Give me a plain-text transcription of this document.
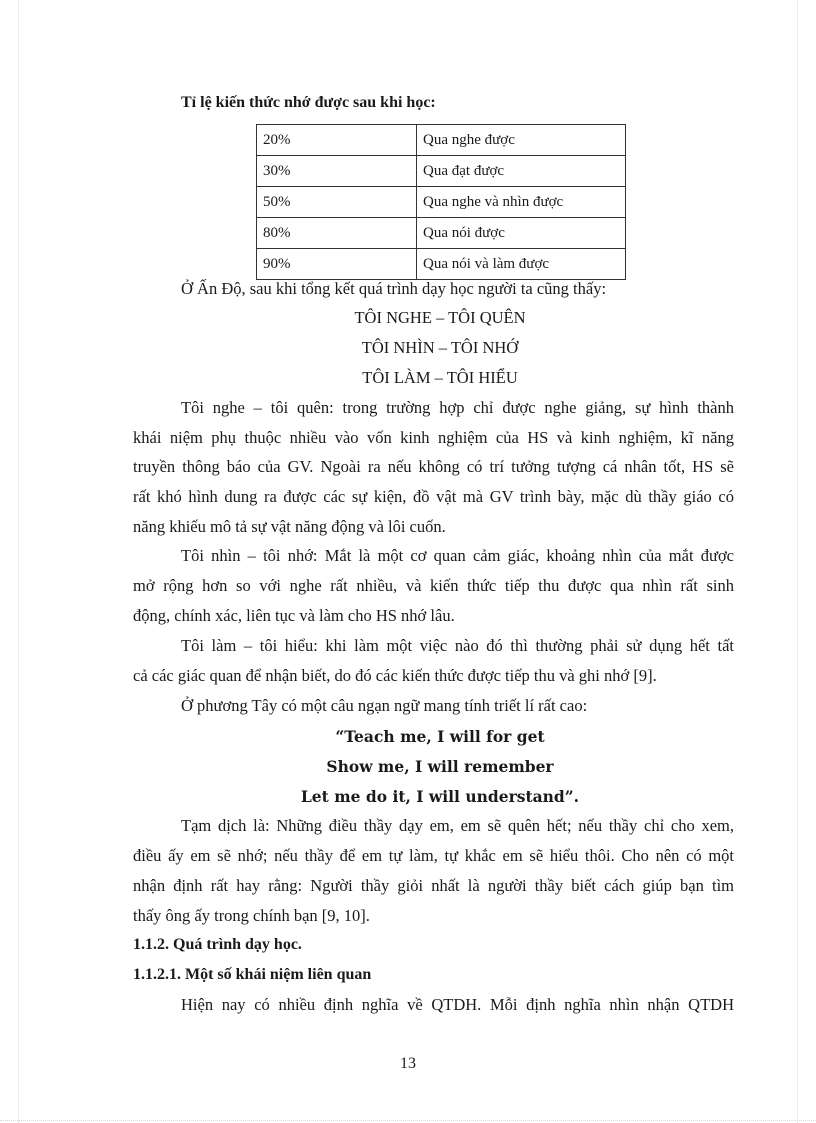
Tỉ lệ kiến thức nhớ được sau khi học:
20%	Qua nghe được
30%	Qua đạt được
50%	Qua nghe và nhìn được
80%	Qua nói được
90%	Qua nói và làm được
Ở Ấn Độ, sau khi tổng kết quá trình dạy học người ta cũng thấy:
TÔI NGHE – TÔI QUÊN
TÔI NHÌN – TÔI NHỚ
TÔI LÀM – TÔI HIỂU
Tôi nghe – tôi quên: trong trường hợp chỉ được nghe giảng, sự hình thành
khái niệm phụ thuộc nhiều vào vốn kinh nghiệm của HS và kinh nghiệm, kĩ năng
truyền thông báo của GV. Ngoài ra nếu không có trí tưởng tượng cá nhân tốt, HS sẽ
rất khó hình dung ra được các sự kiện, đồ vật mà GV trình bày, mặc dù thầy giáo có
năng khiếu mô tả sự vật năng động và lôi cuốn.
Tôi nhìn – tôi nhớ: Mắt là một cơ quan cảm giác, khoảng nhìn của mắt được
mở rộng hơn so với nghe rất nhiều, và kiến thức tiếp thu được qua nhìn rất sinh
động, chính xác, liên tục và làm cho HS nhớ lâu.
Tôi làm – tôi hiểu: khi làm một việc nào đó thì thường phải sử dụng hết tất
cả các giác quan để nhận biết, do đó các kiến thức được tiếp thu và ghi nhớ [9].
Ở phương Tây có một câu ngạn ngữ mang tính triết lí rất cao:
“Teach me, I will for get
Show me, I will remember
Let me do it, I will understand”.
Tạm dịch là: Những điều thầy dạy em, em sẽ quên hết; nếu thầy chỉ cho xem,
điều ấy em sẽ nhớ; nếu thầy để em tự làm, tự khắc em sẽ hiểu thôi. Cho nên có một
nhận định rất hay rằng: Người thầy giỏi nhất là người thầy biết cách giúp bạn tìm
thấy ông ấy trong chính bạn [9, 10].
1.1.2. Quá trình dạy học.
1.1.2.1. Một số khái niệm liên quan
Hiện nay có nhiều định nghĩa về QTDH. Mỗi định nghĩa nhìn nhận QTDH
13
